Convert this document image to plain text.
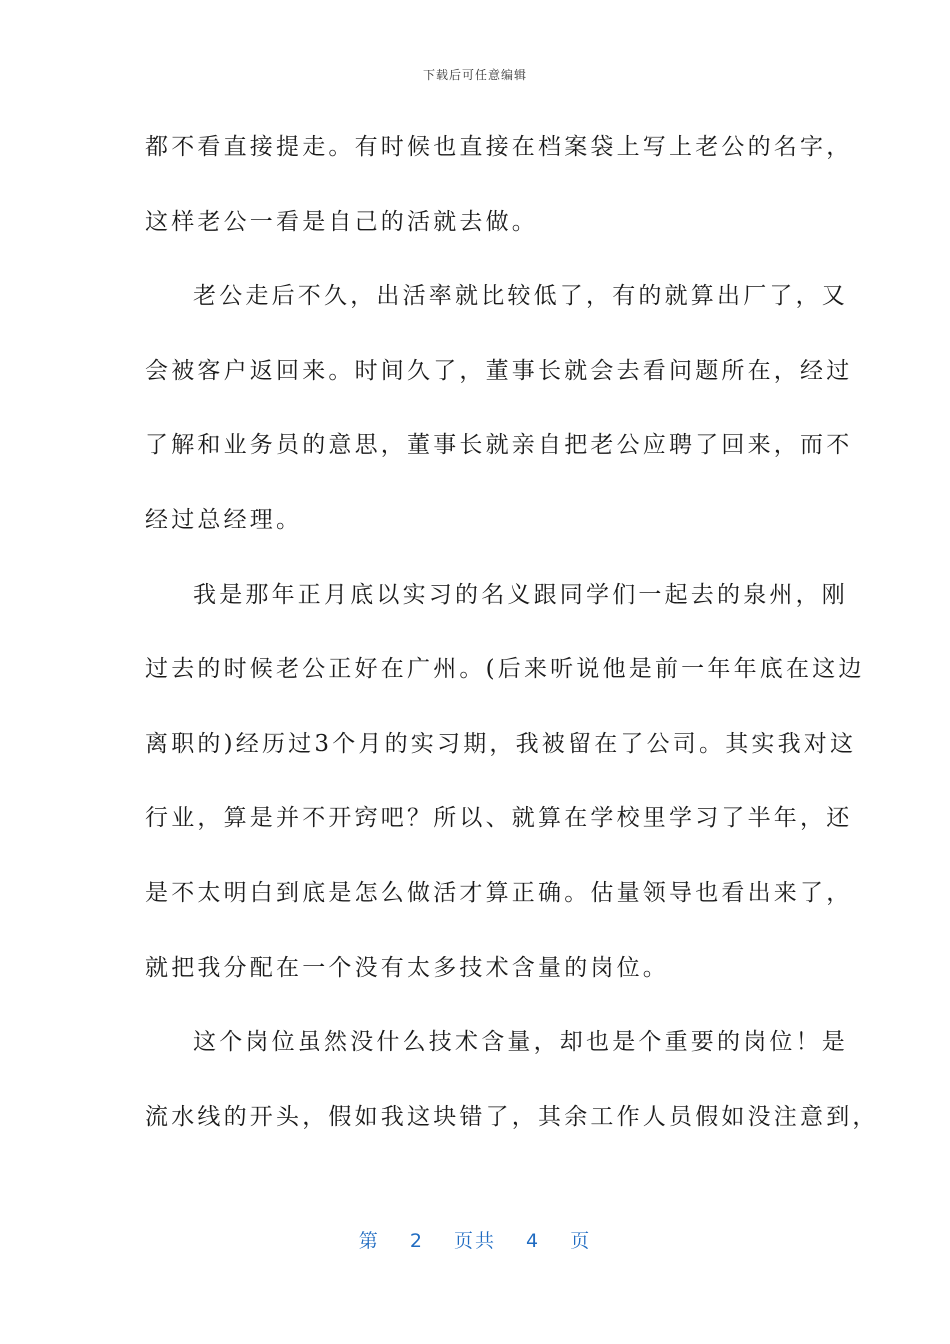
下载后可任意编辑
都不看直接提走。有时候也直接在档案袋上写上老公的名字，
这样老公一看是自己的活就去做。
老公走后不久，出活率就比较低了，有的就算出厂了，又
会被客户返回来。时间久了，董事长就会去看问题所在，经过
了解和业务员的意思，董事长就亲自把老公应聘了回来，而不
经过总经理。
我是那年正月底以实习的名义跟同学们一起去的泉州，刚
过去的时候老公正好在广州。(后来听说他是前一年年底在这边
离职的)经历过3个月的实习期，我被留在了公司。其实我对这
行业，算是并不开窍吧？所以、就算在学校里学习了半年，还
是不太明白到底是怎么做活才算正确。估量领导也看出来了，
就把我分配在一个没有太多技术含量的岗位。
这个岗位虽然没什么技术含量，却也是个重要的岗位！是
流水线的开头，假如我这块错了，其余工作人员假如没注意到，
第 2 页共 4 页
